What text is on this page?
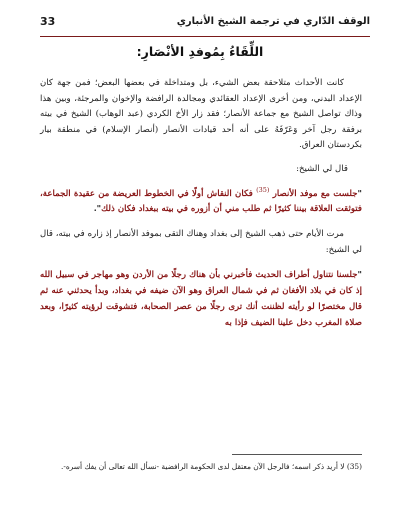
الوقف الدّاري في ترجمة الشيخ الأنباري
33
اللِّقَاءُ بِمُوفدِ الأنْصَارِ:

كانت الأحداث متلاحقة بعض الشيء، بل ومتداخلة في بعضها البعض؛ فمن جهة كان الإعداد البدني، ومن أخرى الإعداد العقائدي ومجالدة الرافضة والإخوان والمرجئة، وبين هذا وذاك تواصل الشيخ مع جماعة الأنصار؛ فقد زار الأخ الكردي (عبد الوهاب) الشيخ في بيته برفقة رجل آخر وَعَرّفَهُ على أنه أحد قيادات الأنصار (أنصار الإسلام) في منطقة بيار بكردستان العراق.

قال لي الشيخ:

"جلست مع موفد الأنصار $^{(35)}$ فكان النقاش أولًا في الخطوط العريضة من عقيدة الجماعة، فتوثقت العلاقة بيننا كثيرًا ثم طلب مني أن أزوره في بيته ببغداد فكان ذلك".

مرت الأيام حتى ذهب الشيخ إلى بغداد وهناك التقى بموفد الأنصار إذ زاره في بيته، قال لي الشيخ:

"جلسنا نتناول أطراف الحديث فأخبرني بأن هناك رجلًا من الأردن وهو مهاجر في سبيل الله إذ كان في بلاد الأفغان ثم في شمال العراق وهو الآن ضيفه في بغداد، وبدأ يحدثني عنه ثم قال مختصرًا لو رأيته لظننت أنك ترى رجلًا من عصر الصحابة، فتشوقت لرؤيته كثيرًا، وبعد صلاة المغرب دخل علينا الضيف فإذا به

(35) لا أريد ذكر اسمه؛ فالرجل الآن معتقل لدى الحكومة الرافضية -نسأل الله تعالى أن يفك أسره-.
